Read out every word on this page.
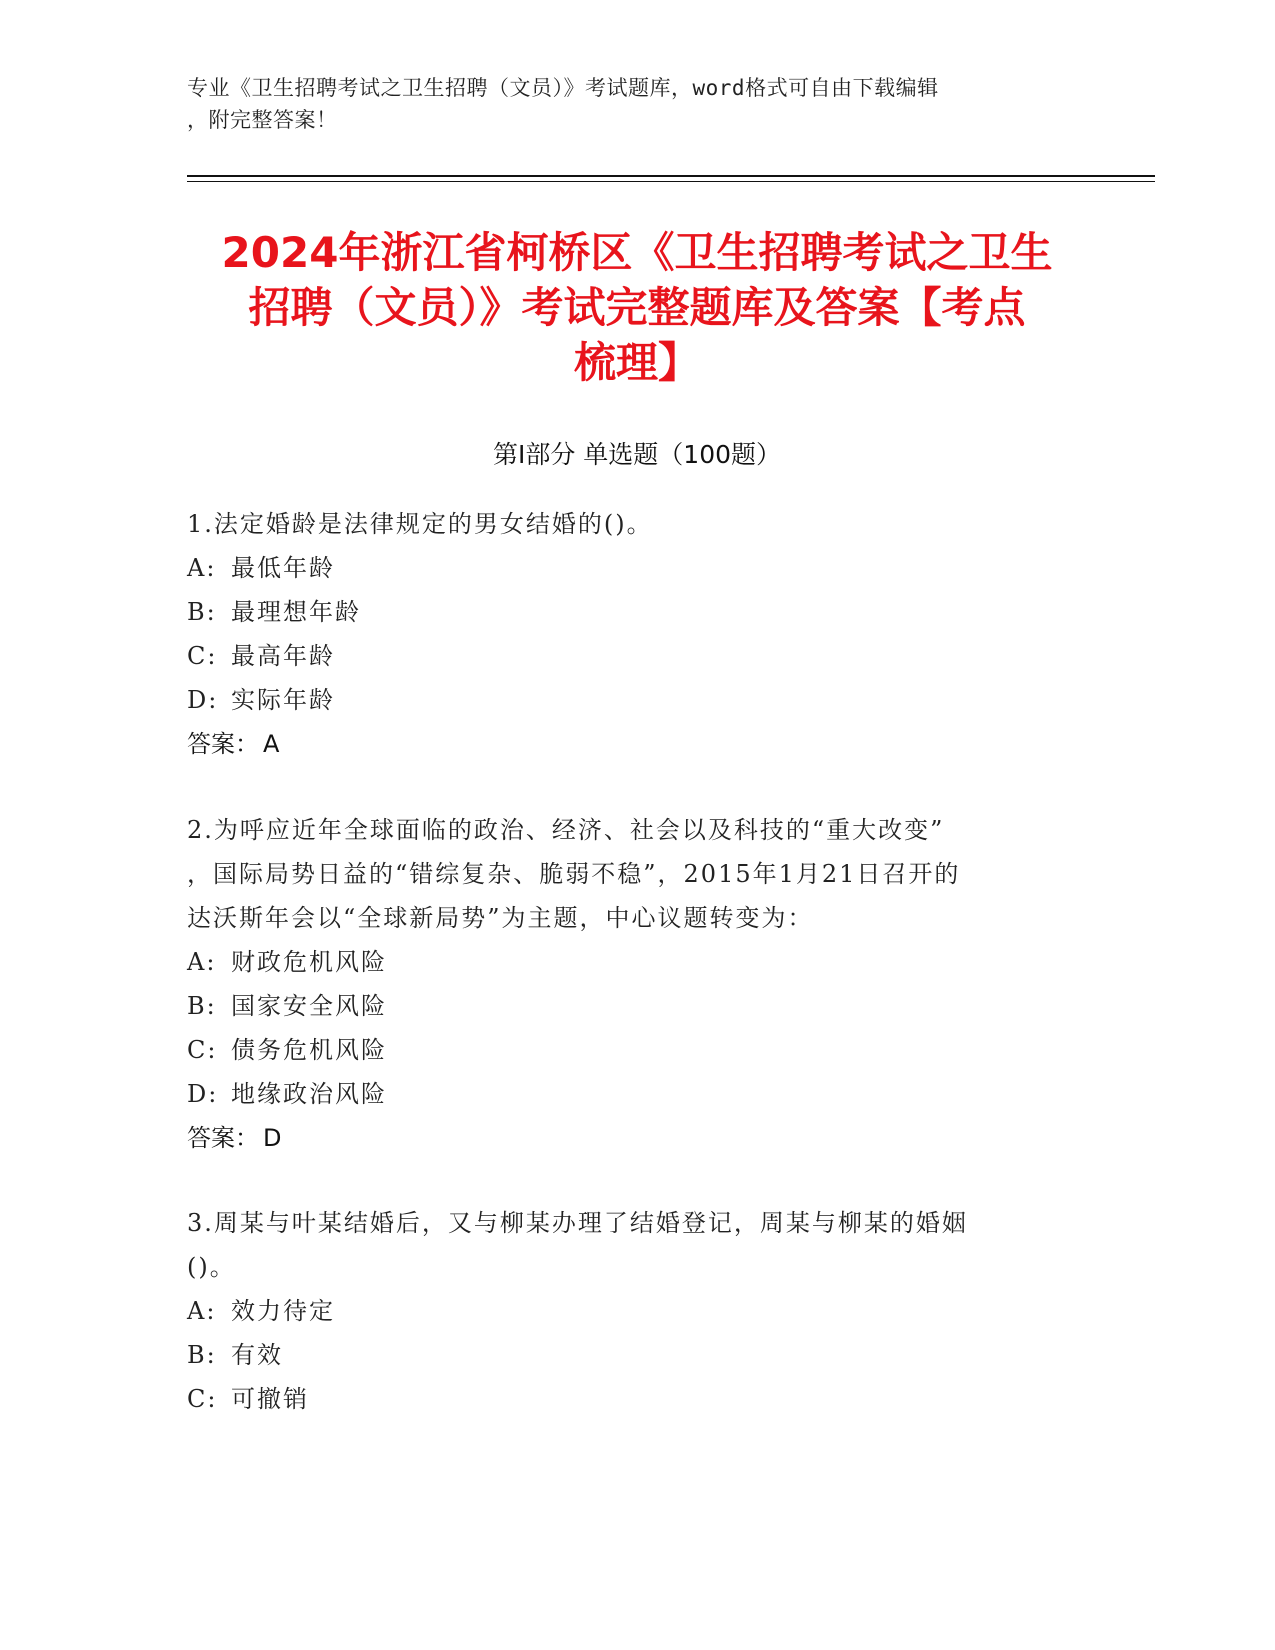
专业《卫生招聘考试之卫生招聘（文员）》考试题库，word格式可自由下载编辑
，附完整答案！
2024年浙江省柯桥区《卫生招聘考试之卫生
招聘（文员）》考试完整题库及答案【考点
梳理】
第Ⅰ部分 单选题（100题）
1.法定婚龄是法律规定的男女结婚的()。
A: 最低年龄
B: 最理想年龄
C: 最高年龄
D: 实际年龄
答案： A
2.为呼应近年全球面临的政治、经济、社会以及科技的“重大改变”
，国际局势日益的“错综复杂、脆弱不稳”，2015年1月21日召开的
达沃斯年会以“全球新局势”为主题，中心议题转变为：
A: 财政危机风险
B: 国家安全风险
C: 债务危机风险
D: 地缘政治风险
答案： D
3.周某与叶某结婚后，又与柳某办理了结婚登记，周某与柳某的婚姻
()。
A: 效力待定
B: 有效
C: 可撤销
